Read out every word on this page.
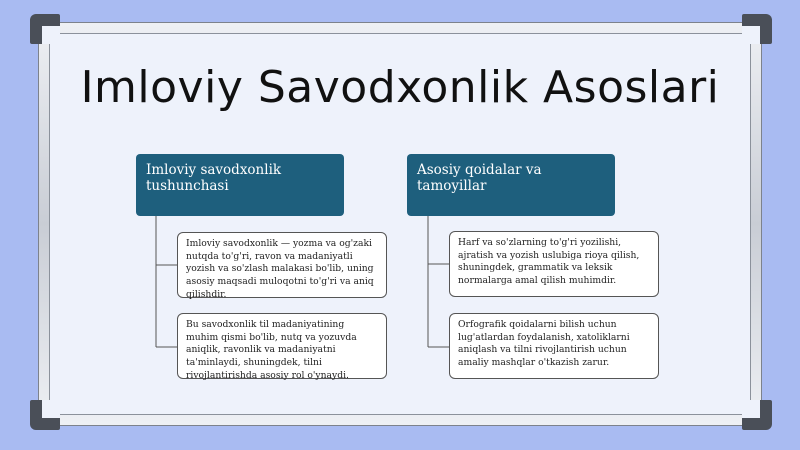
Imloviy Savodxonlik Asoslari
Imloviy savodxonlik tushunchasi
Asosiy qoidalar va tamoyillar
Imloviy savodxonlik — yozma va og'zaki nutqda to'g'ri, ravon va madaniyatli yozish va so'zlash malakasi bo'lib, uning asosiy maqsadi muloqotni to'g'ri va aniq qilishdir.
Bu savodxonlik til madaniyatining muhim qismi bo'lib, nutq va yozuvda aniqlik, ravonlik va madaniyatni ta'minlaydi, shuningdek, tilni rivojlantirishda asosiy rol o'ynaydi.
Harf va so'zlarning to'g'ri yozilishi, ajratish va yozish uslubiga rioya qilish, shuningdek, grammatik va leksik normalarga amal qilish muhimdir.
Orfografik qoidalarni bilish uchun lug'atlardan foydalanish, xatoliklarni aniqlash va tilni rivojlantirish uchun amaliy mashqlar o'tkazish zarur.
